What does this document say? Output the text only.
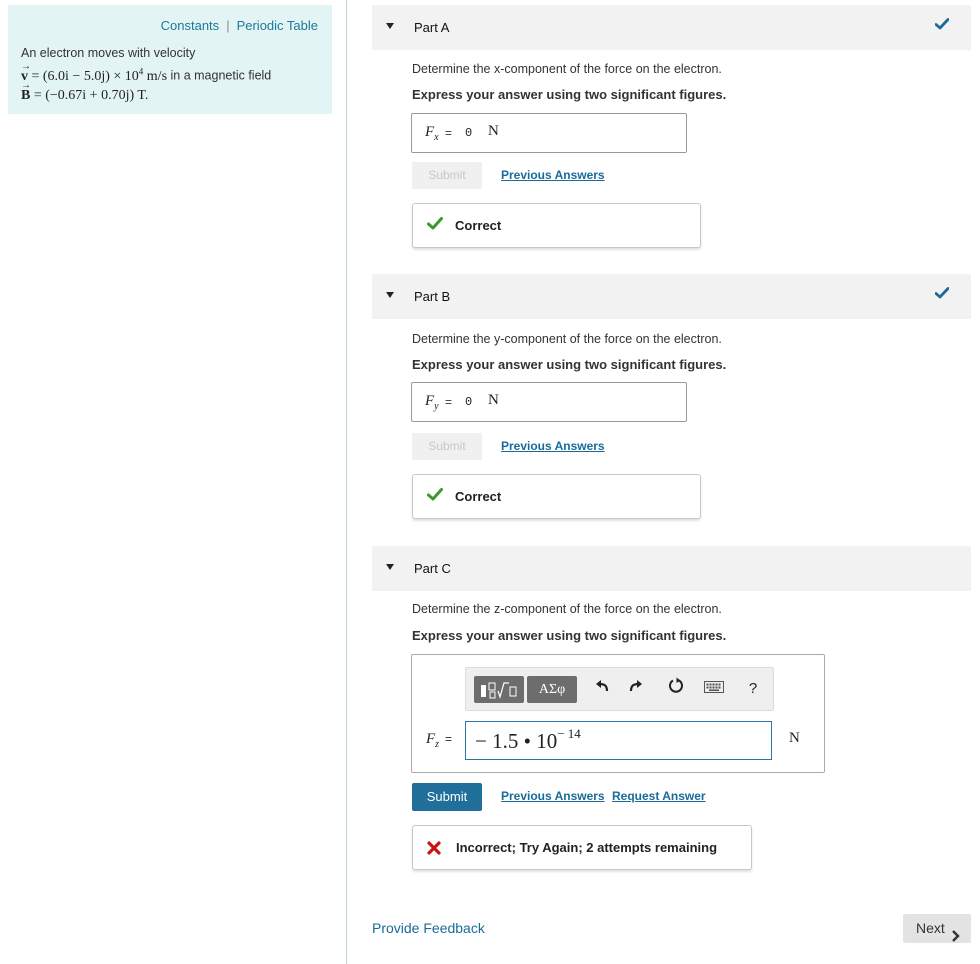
Constants | Periodic Table
An electron moves with velocity
→ $v = (6.0i - 5.0j) \times 10^4$ m/s in a magnetic field
→ B = (−0.67i + 0.70j) T.
Part A
Determine the x-component of the force on the electron.
Express your answer using two significant figures.
$F_x = 0$ N
Submit	Previous Answers
Correct
Part B
Determine the y-component of the force on the electron.
Express your answer using two significant figures.
$F_y = 0$ N
Submit	Previous Answers
Correct
Part C
Determine the z-component of the force on the electron.
Express your answer using two significant figures.
ΑΣφ	?
$F_z$ = − 1.5 • $10^{- 14}$	N
Submit	Previous Answers Request Answer
Incorrect; Try Again; 2 attempts remaining
Provide Feedback	Next
